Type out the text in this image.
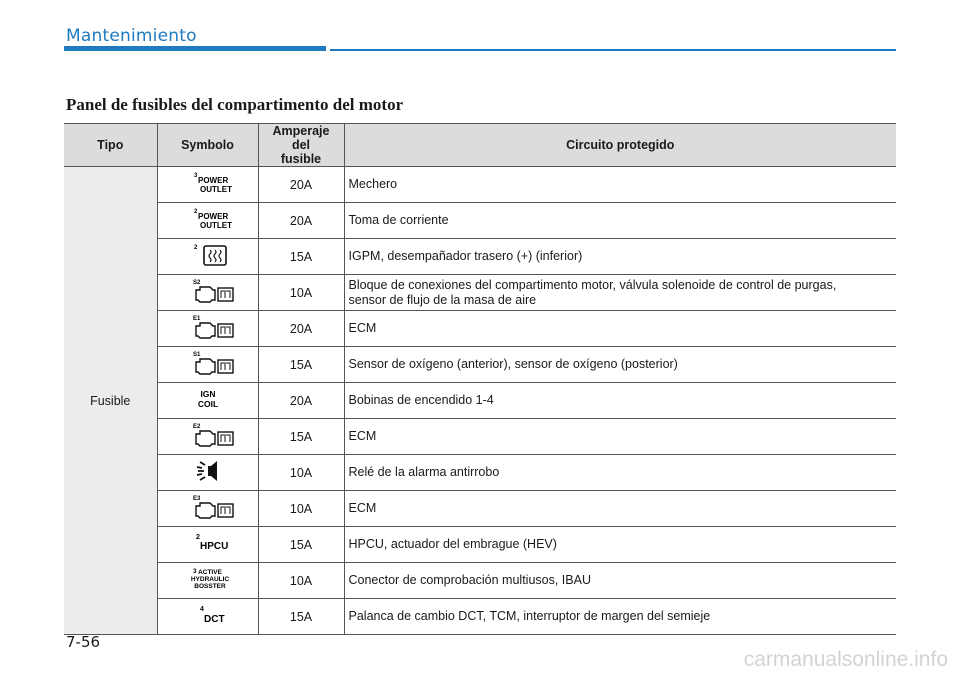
Mantenimiento
Panel de fusibles del compartimento del motor
Tipo	Symbolo	Amperaje del
fusible	Circuito protegido
Fusible	3 POWER
OUTLET	20A	Mechero

2 POWER
OUTLET	20A	Toma de corriente

2	15A	IGPM, desempañador trasero (+) (inferior)

S2	10A	Bloque de conexiones del compartimento motor, válvula solenoide de control de purgas,
sensor de flujo de la masa de aire

E1	20A	ECM

S1	15A	Sensor de oxígeno (anterior), sensor de oxígeno (posterior)

IGN
COIL	20A	Bobinas de encendido 1-4

E2	15A	ECM

	10A	Relé de la alarma antirrobo

E3	10A	ECM

2
HPCU	15A	HPCU, actuador del embrague (HEV)

3 ACTIVE
HYDRAULIC
BOSSTER	10A	Conector de comprobación multiusos, IBAU

4
DCT	15A	Palanca de cambio DCT, TCM, interruptor de margen del semieje
7-56
carmanualsonline.info
